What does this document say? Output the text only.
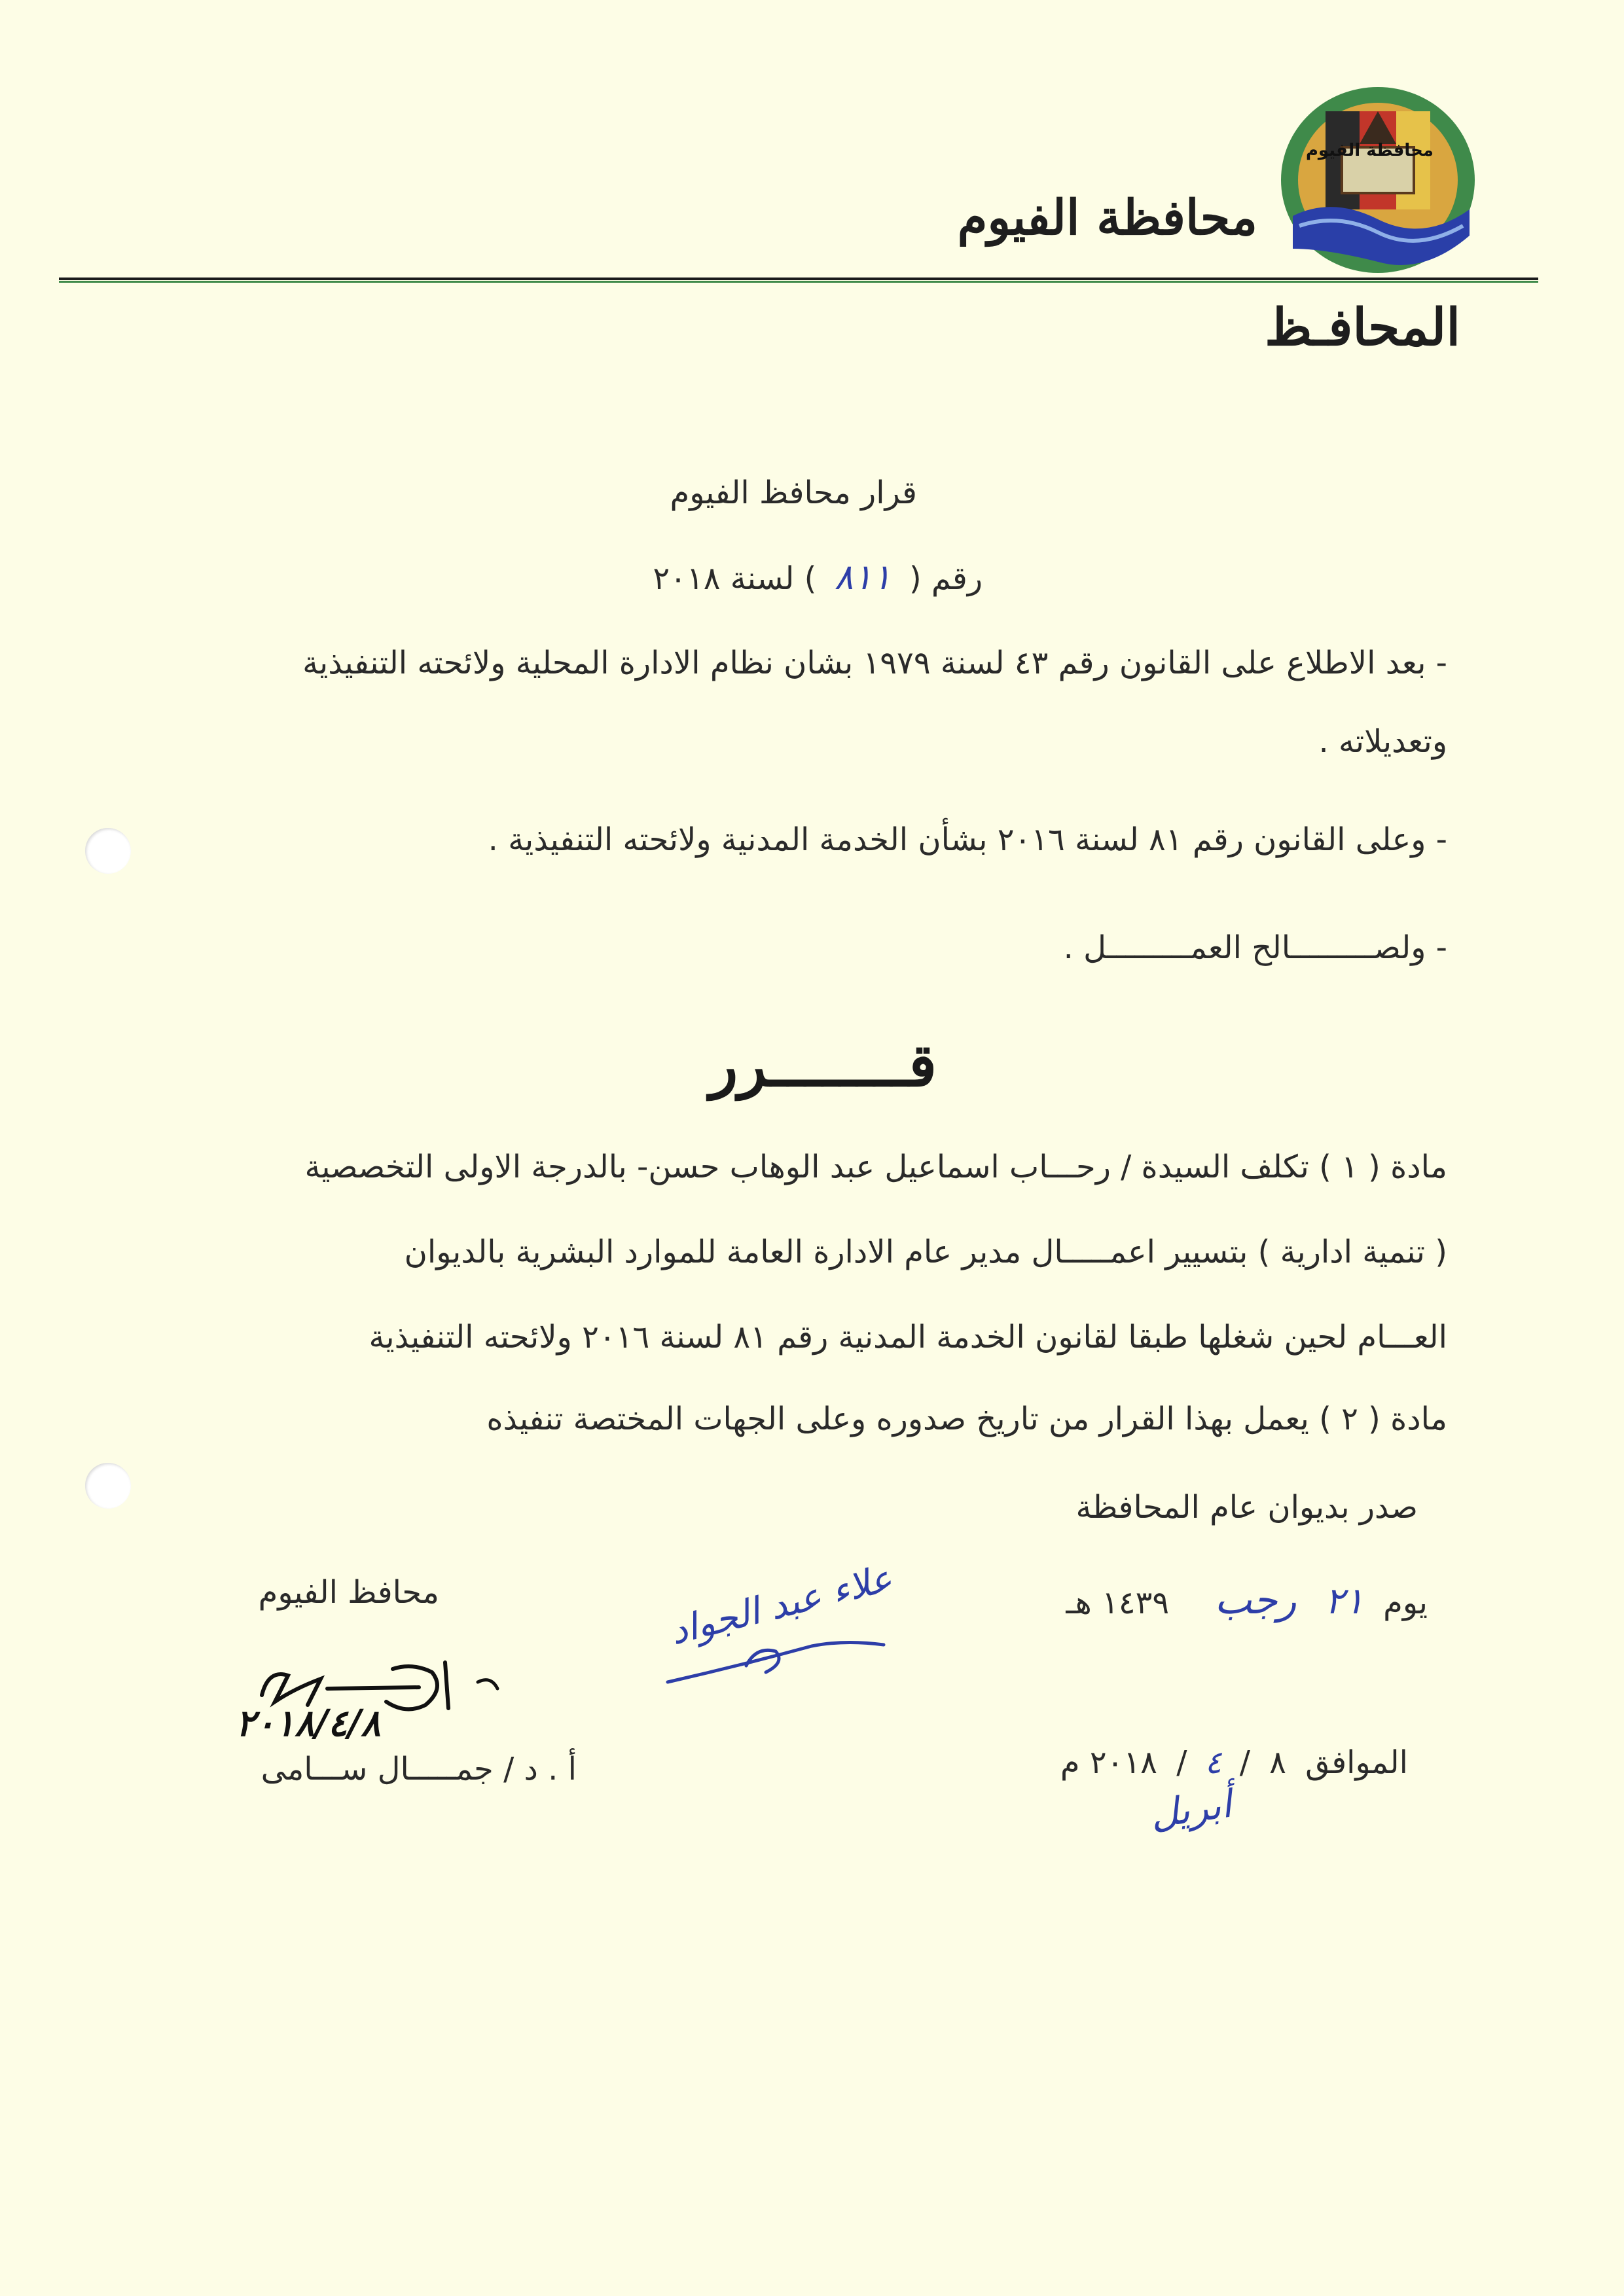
محافظة الفيوم
محافظة الفيوم
المحافـظ
قرار محافظ الفيوم
رقم ( ٨١١ ) لسنة ٢٠١٨
- بعد الاطلاع على القانون رقم ٤٣ لسنة ١٩٧٩ بشان نظام الادارة المحلية ولائحته التنفيذية
وتعديلاته .
- وعلى القانون رقم ٨١ لسنة ٢٠١٦ بشأن الخدمة المدنية ولائحته التنفيذية .
- ولصـــــــــالح العمـــــــــل .
قــــــــرر
مادة ( ١ ) تكلف السيدة / رحـــاب اسماعيل عبد الوهاب حسن- بالدرجة الاولى التخصصية
( تنمية ادارية ) بتسيير اعمـــــال مدير عام الادارة العامة للموارد البشرية بالديوان
العـــام لحين شغلها طبقا لقانون الخدمة المدنية رقم ٨١ لسنة ٢٠١٦ ولائحته التنفيذية
مادة ( ٢ ) يعمل بهذا القرار من تاريخ صدوره وعلى الجهات المختصة تنفيذه
صدر بديوان عام المحافظة
يوم ٢١ رجب ١٤٣٩ هـ
الموافق ٨ / ٤ / ٢٠١٨ م
أبريل
محافظ الفيوم
٢٠١٨/٤/٨
أ . د / جمـــــال ســـامى
علاء عبد الجواد
